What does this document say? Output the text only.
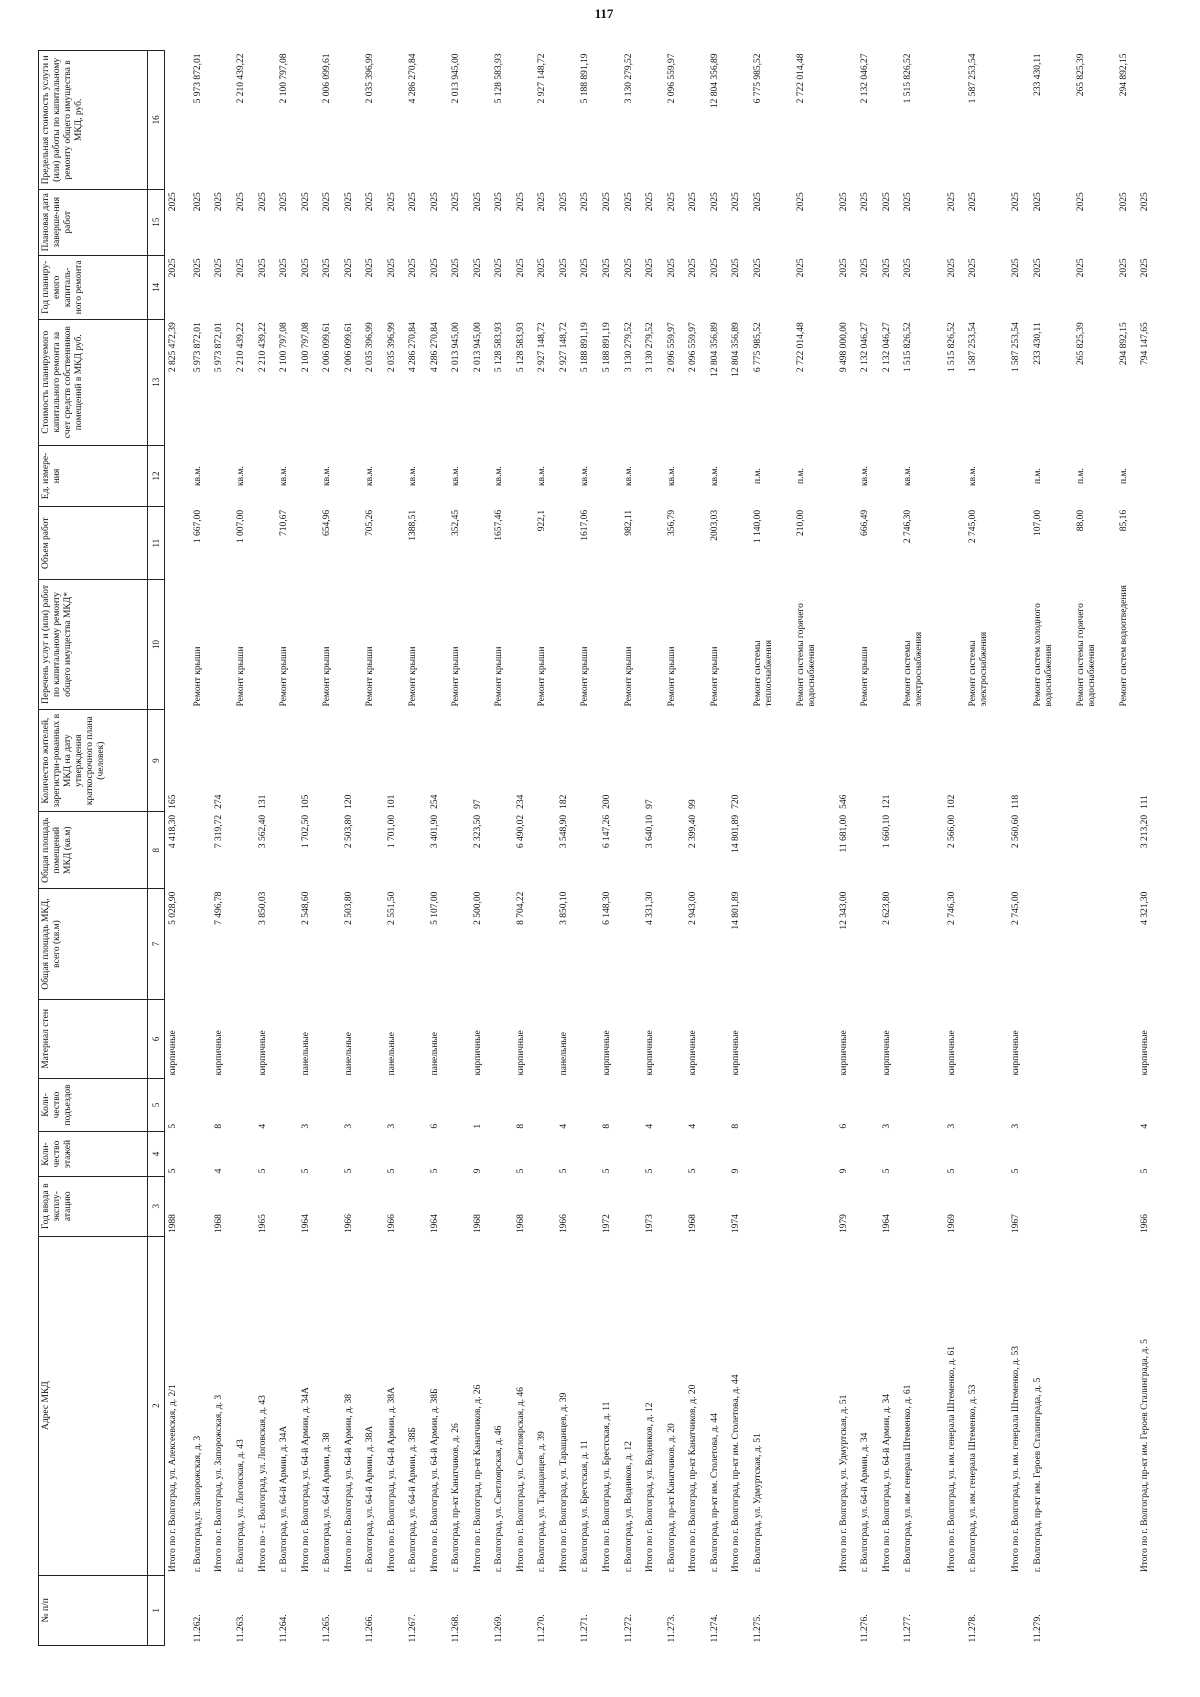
117
№ п/п	Адрес МКД	Год ввода в эксплу-атацию	Коли-чество этажей	Коли-чество подъездов	Материал стен	Общая площадь МКД, всего (кв.м)	Общая площадь помещений МКД (кв.м)	Количество жителей, зарегистри-рованных в МКД на дату утверждения краткосрочного плана (человек)	Перечень услуг и (или) работ по капитальному ремонту общего имущества МКД*	Объем работ	Ед. измере-ния	Стоимость планируемого капитального ремонта за счет средств собственников помещений в МКД руб.	Год планиру-емого капиталь-ного ремонта	Плановая дата заверше-ния работ	Предельная стоимость услуги и (или) работы по капитальному ремонту общего имущества в МКД, руб.
1	2	3	4	5	6	7	8	9	10	11	12	13	14	15	16
	Итого по г. Волгоград, ул. Алексеевская, д. 2/1	1988	5	5	кирпичные	5 028,90	4 418,30	165				2 825 472,39	2025	2025	
11.262.	г. Волгоград,ул. Запорожская, д. 3								Ремонт крыши	1 667,00	кв.м.	5 973 872,01	2025	2025	5 973 872,01
	Итого по г. Волгоград, ул. Запорожская, д. 3	1968	4	8	кирпичные	7 496,78	7 319,72	274				5 973 872,01	2025	2025	
11.263.	г. Волгоград, ул. Логовская, д. 43								Ремонт крыши	1 007,00	кв.м.	2 210 439,22	2025	2025	2 210 439,22
	Итого по - г. Волгоград, ул. Логовская, д. 43	1965	5	4	кирпичные	3 850,03	3 562,40	131				2 210 439,22	2025	2025	
11.264.	г. Волгоград, ул. 64-й Армии, д. 34А								Ремонт крыши	710,67	кв.м.	2 100 797,08	2025	2025	2 100 797,08
	Итого по г. Волгоград, ул. 64-й Армии, д. 34А	1964	5	3	панельные	2 548,60	1 702,50	105				2 100 797,08	2025	2025	
11.265.	г. Волгоград, ул. 64-й Армии, д. 38								Ремонт крыши	654,96	кв.м.	2 006 099,61	2025	2025	2 006 099,61
	Итого по г. Волгоград, ул. 64-й Армии, д. 38	1966	5	3	панельные	2 503,80	2 503,80	120				2 006 099,61	2025	2025	
11.266.	г. Волгоград, ул. 64-й Армии, д. 38А								Ремонт крыши	705,26	кв.м.	2 035 396,99	2025	2025	2 035 396,99
	Итого по г. Волгоград, ул. 64-й Армии, д. 38А	1966	5	3	панельные	2 551,50	1 701,00	101				2 035 396,99	2025	2025	
11.267.	г. Волгоград, ул. 64-й Армии, д. 38Б								Ремонт крыши	1388,51	кв.м.	4 286 270,84	2025	2025	4 286 270,84
	Итого по г. Волгоград, ул. 64-й Армии, д. 38Б	1964	5	6	панельные	5 107,00	3 401,90	254				4 286 270,84	2025	2025	
11.268.	г. Волгоград, пр-кт Канатчиков, д. 26								Ремонт крыши	352,45	кв.м.	2 013 945,00	2025	2025	2 013 945,00
	Итого по г. Волгоград, пр-кт Канатчиков, д. 26	1968	9	1	кирпичные	2 500,00	2 323,50	97				2 013 945,00	2025	2025	
11.269.	г. Волгоград, ул. Светлоярская, д. 46								Ремонт крыши	1657,46	кв.м.	5 128 583,93	2025	2025	5 128 583,93
	Итого по г. Волгоград, ул. Светлоярская, д. 46	1968	5	8	кирпичные	8 704,22	6 490,02	234				5 128 583,93	2025	2025	
11.270.	г. Волгоград, ул. Таращанцев, д. 39								Ремонт крыши	922,1	кв.м.	2 927 148,72	2025	2025	2 927 148,72
	Итого по г. Волгоград, ул. Таращанцев, д. 39	1966	5	4	панельные	3 850,10	3 548,90	182				2 927 148,72	2025	2025	
11.271.	г. Волгоград, ул. Брестская, д. 11								Ремонт крыши	1617,06	кв.м.	5 188 891,19	2025	2025	5 188 891,19
	Итого по г. Волгоград, ул. Брестская, д. 11	1972	5	8	кирпичные	6 148,30	6 147,26	200				5 188 891,19	2025	2025	
11.272.	г. Волгоград, ул. Водников, д. 12								Ремонт крыши	982,11	кв.м.	3 130 279,52	2025	2025	3 130 279,52
	Итого по г. Волгоград, ул. Водников, д. 12	1973	5	4	кирпичные	4 331,30	3 640,10	97				3 130 279,52	2025	2025	
11.273.	г. Волгоград, пр-кт Канатчиков, д. 20								Ремонт крыши	356,79	кв.м.	2 096 559,97	2025	2025	2 096 559,97
	Итого по г. Волгоград, пр-кт Канатчиков, д. 20	1968	5	4	кирпичные	2 943,00	2 399,40	99				2 096 559,97	2025	2025	
11.274.	г. Волгоград, пр-кт им. Столетова, д. 44								Ремонт крыши	2003,03	кв.м.	12 804 356,89	2025	2025	12 804 356,89
	Итого по г. Волгоград, пр-кт им. Столетова, д. 44	1974	9	8	кирпичные	14 801,89	14 801,89	720				12 804 356,89	2025	2025	
11.275.	г. Волгоград, ул. Удмуртская, д. 51								Ремонт системы теплоснабжения	1 140,00	п.м.	6 775 985,52	2025	2025	6 775 985,52
									Ремонт системы горячего водоснабжения	210,00	п.м.	2 722 014,48	2025	2025	2 722 014,48
	Итого по г. Волгоград, ул. Удмуртская, д. 51	1979	9	6	кирпичные	12 343,00	11 681,00	546				9 498 000,00	2025	2025	
11.276.	г. Волгоград, ул. 64-й Армии, д. 34								Ремонт крыши	666,49	кв.м.	2 132 046,27	2025	2025	2 132 046,27
	Итого по г. Волгоград, ул. 64-й Армии, д. 34	1964	5	3	кирпичные	2 623,80	1 660,10	121				2 132 046,27	2025	2025	
11.277.	г. Волгоград, ул. им. генерала Штеменко, д. 61								Ремонт системы электроснабжения	2 746,30	кв.м.	1 515 826,52	2025	2025	1 515 826,52
	Итого по г. Волгоград, ул. им. генерала Штеменко, д. 61	1969	5	3	кирпичные	2 746,30	2 566,00	102				1 515 826,52	2025	2025	
11.278.	г. Волгоград, ул. им. генерала Штеменко, д. 53								Ремонт системы электроснабжения	2 745,00	кв.м.	1 587 253,54	2025	2025	1 587 253,54
	Итого по г. Волгоград, ул. им. генерала Штеменко, д. 53	1967	5	3	кирпичные	2 745,00	2 560,60	118				1 587 253,54	2025	2025	
11.279.	г. Волгоград, пр-кт им. Героев Сталинграда, д. 5								Ремонт систем холодного водоснабжения	107,00	п.м.	233 430,11	2025	2025	233 430,11
									Ремонт системы горячего водоснабжения	88,00	п.м.	265 825,39	2025	2025	265 825,39
									Ремонт систем водоотведения	85,16	п.м.	294 892,15	2025	2025	294 892,15
	Итого по г. Волгоград, пр-кт им. Героев Сталинграда, д. 5	1966	5	4	кирпичные	4 321,30	3 213,20	111				794 147,65	2025	2025	
